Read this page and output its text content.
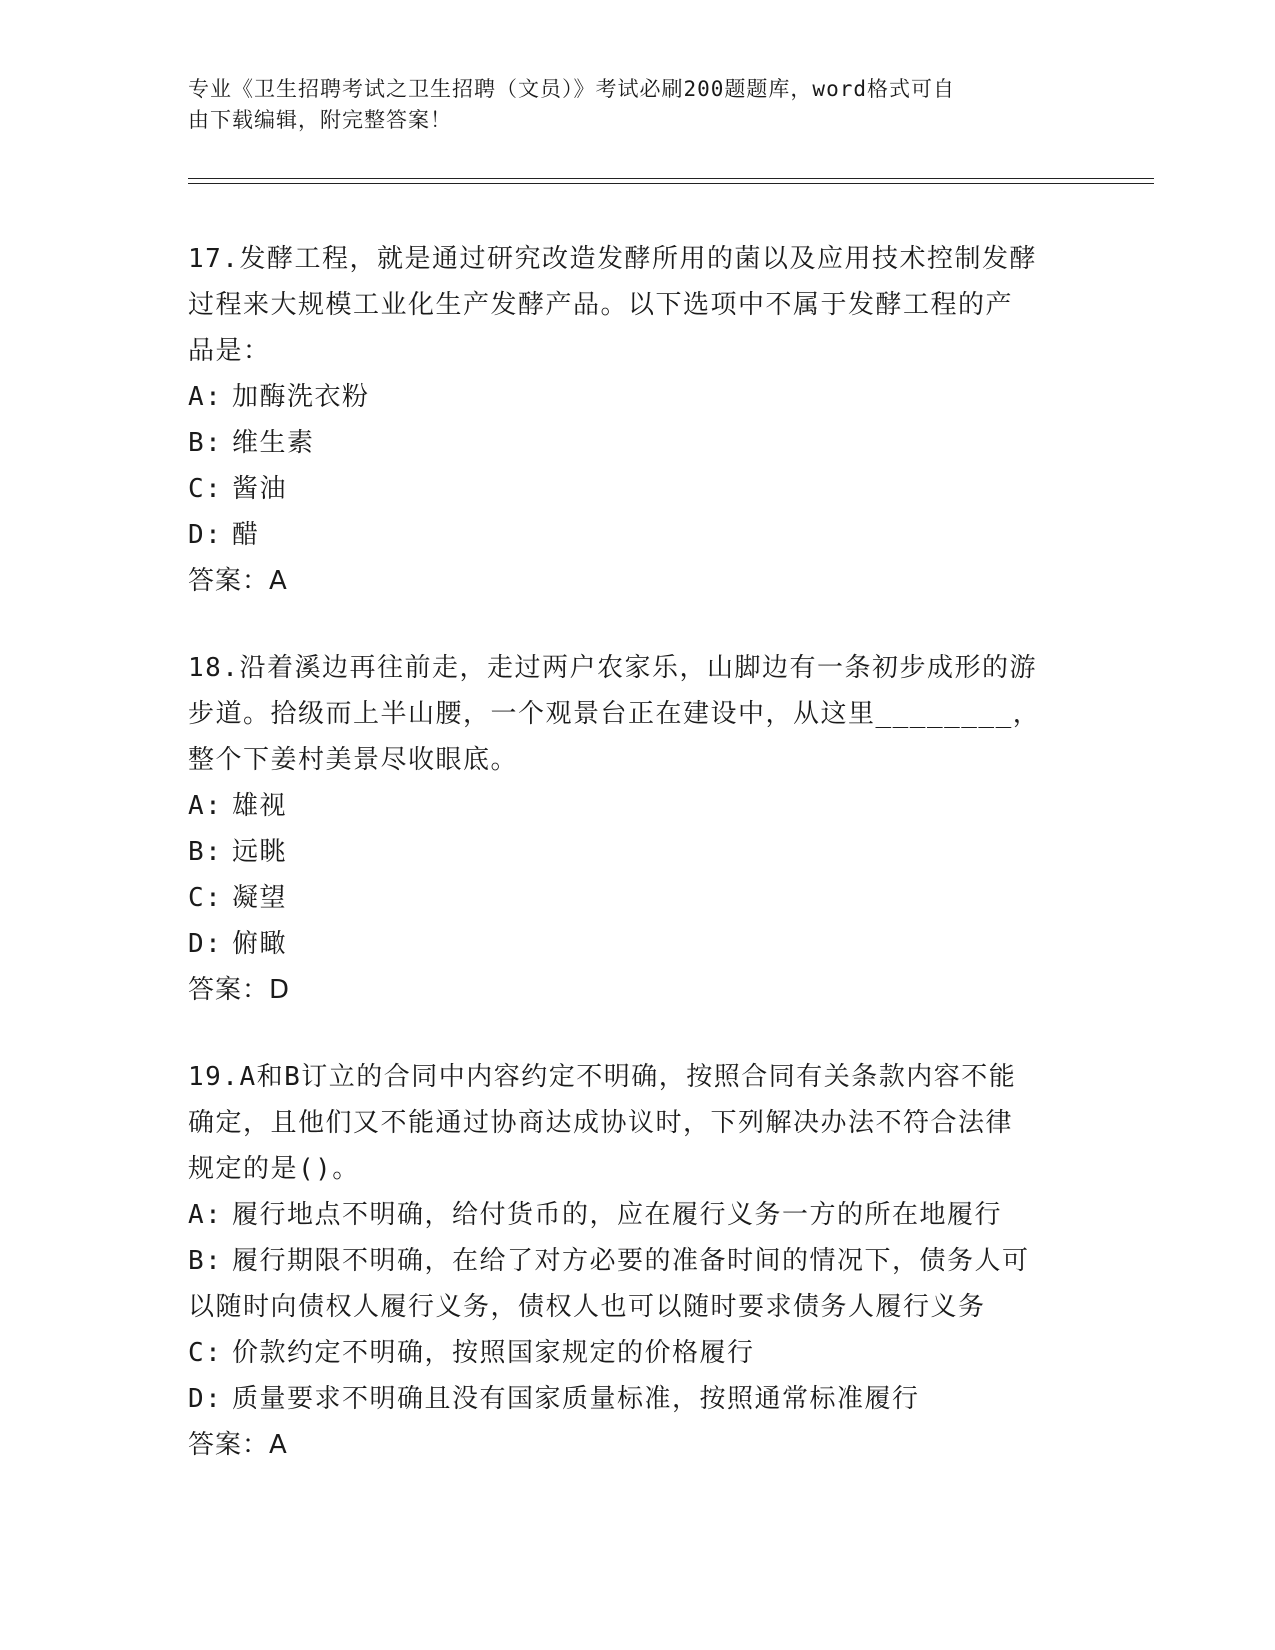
专业《卫生招聘考试之卫生招聘（文员）》考试必刷200题题库，word格式可自
由下载编辑，附完整答案！

17.发酵工程，就是通过研究改造发酵所用的菌以及应用技术控制发酵

过程来大规模工业化生产发酵产品。以下选项中不属于发酵工程的产

品是：

A: 加酶洗衣粉

B: 维生素

C: 酱油

D: 醋

答案：A

18.沿着溪边再往前走，走过两户农家乐，山脚边有一条初步成形的游

步道。拾级而上半山腰，一个观景台正在建设中，从这里________，

整个下姜村美景尽收眼底。

A: 雄视

B: 远眺

C: 凝望

D: 俯瞰

答案：D

19.A和B订立的合同中内容约定不明确，按照合同有关条款内容不能

确定，且他们又不能通过协商达成协议时，下列解决办法不符合法律

规定的是()。

A: 履行地点不明确，给付货币的，应在履行义务一方的所在地履行

B: 履行期限不明确，在给了对方必要的准备时间的情况下，债务人可

以随时向债权人履行义务，债权人也可以随时要求债务人履行义务

C: 价款约定不明确，按照国家规定的价格履行

D: 质量要求不明确且没有国家质量标准，按照通常标准履行

答案：A
